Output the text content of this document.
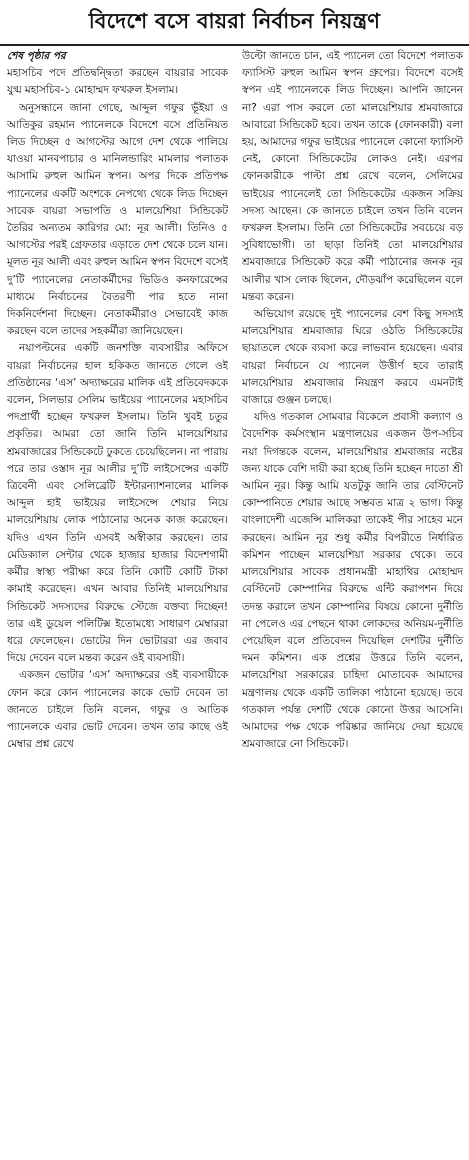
বিদেশে বসে বায়রা নির্বাচন নিয়ন্ত্রণ
শেষ পৃষ্ঠার পর

মহাসচিব পদে প্রতিদ্বন্দ্বিতা করছেন বায়রার সাবেক যুগ্ম মহাসচিব-১ মোহাম্মদ ফখরুল ইসলাম।

অনুসন্ধানে জানা গেছে, আব্দুল গফুর ভূঁইয়া ও আতিকুর রহমান প্যানেলকে বিদেশে বসে প্রতিনিয়ত লিড দিচ্ছেন ৫ আগস্টের আগে দেশ থেকে পালিয়ে যাওয়া মানবপাচার ও মানিলন্ডারিং মামলার পলাতক আসামি রুহুল আমিন স্বপন। অপর দিকে প্রতিপক্ষ প্যানেলের একটি অংশকে নেপথ্যে থেকে লিড দিচ্ছেন সাবেক বায়রা সভাপতি ও মালয়েশিয়া সিন্ডিকেট তৈরির অন্যতম কারিগর মো: নূর আলী। তিনিও ৫ আগস্টের পরই গ্রেফতার এড়াতে দেশ থেকে চলে যান। মূলত নূর আলী এবং রুহুল আমিন স্বপন বিদেশে বসেই দু’টি প্যানেলের নেতাকর্মীদের ভিডিও কনফারেন্সের মাধ্যমে নির্বাচনের বৈতরণী পার হতে নানা দিকনির্দেশনা দিচ্ছেন। নেতাকর্মীরাও সেভাবেই কাজ করছেন বলে তাদের সহকর্মীরা জানিয়েছেন।

নয়াপল্টনের একটি জনশক্তি ব্যবসায়ীর অফিসে বায়রা নির্বাচনের হাল হকিকত জানতে গেলে ওই প্রতিষ্ঠানের ‘এস’ অদ্যাক্ষরের মালিক এই প্রতিবেদককে বলেন, সিলভার সেলিম ভাইয়ের প্যানেলের মহাসচিব পদপ্রার্থী হচ্ছেন ফখরুল ইসলাম। তিনি খুবই চতুর প্রকৃতির। আমরা তো জানি তিনি মালয়েশিয়ার শ্রমবাজারের সিন্ডিকেটে ঢুকতে চেয়েছিলেন। না পারায় পরে তার ওস্তাদ নূর আলীর দু’টি লাইসেন্সের একটি ত্রিবেনী এবং সেলিব্রেটি ইন্টারন্যাশনালের মালিক আব্দুল হাই ভাইয়ের লাইসেন্সে শেয়ার নিয়ে মালয়েশিয়ায় লোক পাঠানোর অনেক কাজ করেছেন। যদিও এখন তিনি এসবই অস্বীকার করছেন। তার মেডিক্যাল সেন্টার থেকে হাজার হাজার বিদেশগামী কর্মীর স্বাস্থ্য পরীক্ষা করে তিনি কোটি কোটি টাকা কামাই করেছেন। এখন আবার তিনিই মালয়েশিয়ার সিন্ডিকেট সদস্যদের বিরুদ্ধে স্টেজে বক্তব্য দিচ্ছেন! তার এই ডুয়েল পলিটিক্স ইতোমধ্যে সাধারণ মেম্বাররা ধরে ফেলেছেন। ভোটের দিন ভোটাররা এর জবাব দিয়ে দেবেন বলে মন্তব্য করেন ওই ব্যবসায়ী।

একজন ভোটার ‘এস’ অদ্যাক্ষরের ওই ব্যবসায়ীকে ফোন করে কোন প্যানেলের কাকে ভোট দেবেন তা জানতে চাইলে তিনি বলেন, গফুর ও আতিক প্যানেলকে এবার ভোট দেবেন। তখন তার কাছে ওই মেম্বার প্রশ্ন রেখে

উল্টো জানতে চান, এই প্যানেল তো বিদেশে পলাতক ফ্যাসিস্ট রুহুল আমিন স্বপন গ্রুপের। বিদেশে বসেই স্বপন এই প্যানেলকে লিড দিচ্ছেন। আপনি জানেন না? এরা পাস করলে তো মালয়েশিয়ার শ্রমবাজারে আবারো সিন্ডিকেট হবে। তখন তাকে (ফোনকারী) বলা হয়, আমাদের গফুর ভাইয়ের প্যানেলে কোনো ফ্যাসিস্ট নেই, কোনো সিন্ডিকেটের লোকও নেই। এরপর ফোনকারীকে পাল্টা প্রশ্ন রেখে বলেন, সেলিমের ভাইয়ের প্যানেলেই তো সিন্ডিকেটের একজন সক্রিয় সদস্য আছেন। কে জানতে চাইলে তখন তিনি বলেন ফখরুল ইসলাম। তিনি তো সিন্ডিকেটের সবচেয়ে বড় সুবিধাভোগী। তা ছাড়া তিনিই তো মালয়েশিয়ার শ্রমবাজারে সিন্ডিকেট করে কর্মী পাঠানোর জনক নূর আলীর খাস লোক ছিলেন, দৌড়ঝাঁপ করেছিলেন বলে মন্তব্য করেন।

অভিযোগ রয়েছে দুই প্যানেলের বেশ কিছু সদস্যই মালয়েশিয়ার শ্রমবাজার ঘিরে ওঠতি সিন্ডিকেটের ছায়াতলে থেকে ব্যবসা করে লাভবান হয়েছেন। এবার বায়রা নির্বাচনে যে প্যানেল উত্তীর্ণ হবে তারাই মালয়েশিয়ার শ্রমবাজার নিয়ন্ত্রণ করবে এমনটাই বাজারে গুঞ্জন চলছে।

যদিও গতকাল সোমবার বিকেলে প্রবাসী কল্যাণ ও বৈদেশিক কর্মসংস্থান মন্ত্রণালয়ের একজন উপ-সচিব নয়া দিগন্তকে বলেন, মালয়েশিয়ার শ্রমবাজার নষ্টের জন্য যাকে বেশি দায়ী করা হচ্ছে তিনি হচ্ছেন দাতো শ্রী আমিন নূর। কিন্তু আমি যতটুকু জানি তার বেস্টিনেট কোম্পানিতে শেয়ার আছে সম্ভবত মাত্র ২ ভাগ। কিন্তু বাংলাদেশী এজেন্সি মালিকরা তাকেই পীর সাহেব মনে করছেন। আমিন নূর শুধু কর্মীর বিপরীতে নির্ধারিত কমিশন পাচ্ছেন মালয়েশিয়া সরকার থেকে। তবে মালয়েশিয়ার সাবেক প্রধানমন্ত্রী মাহাথির মোহাম্মদ বেস্টিনেট কোম্পানির বিরুদ্ধে এন্টি করাপশন দিয়ে তদন্ত করালে তখন কোম্পানির বিষয়ে কোনো দুর্নীতি না পেলেও এর পেছনে থাকা লোকদের অনিয়ম-দুর্নীতি পেয়েছিল বলে প্রতিবেদন দিয়েছিল দেশটির দুর্নীতি দমন কমিশন। এক প্রশ্নের উত্তরে তিনি বলেন, মালয়েশিয়া সরকারের চাহিদা মোতাবেক আমাদের মন্ত্রণালয় থেকে একটি তালিকা পাঠানো হয়েছে। তবে গতকাল পর্যন্ত দেশটি থেকে কোনো উত্তর আসেনি। আমাদের পক্ষ থেকে পরিষ্কার জানিয়ে দেয়া হয়েছে শ্রমবাজারে নো সিন্ডিকেট।
